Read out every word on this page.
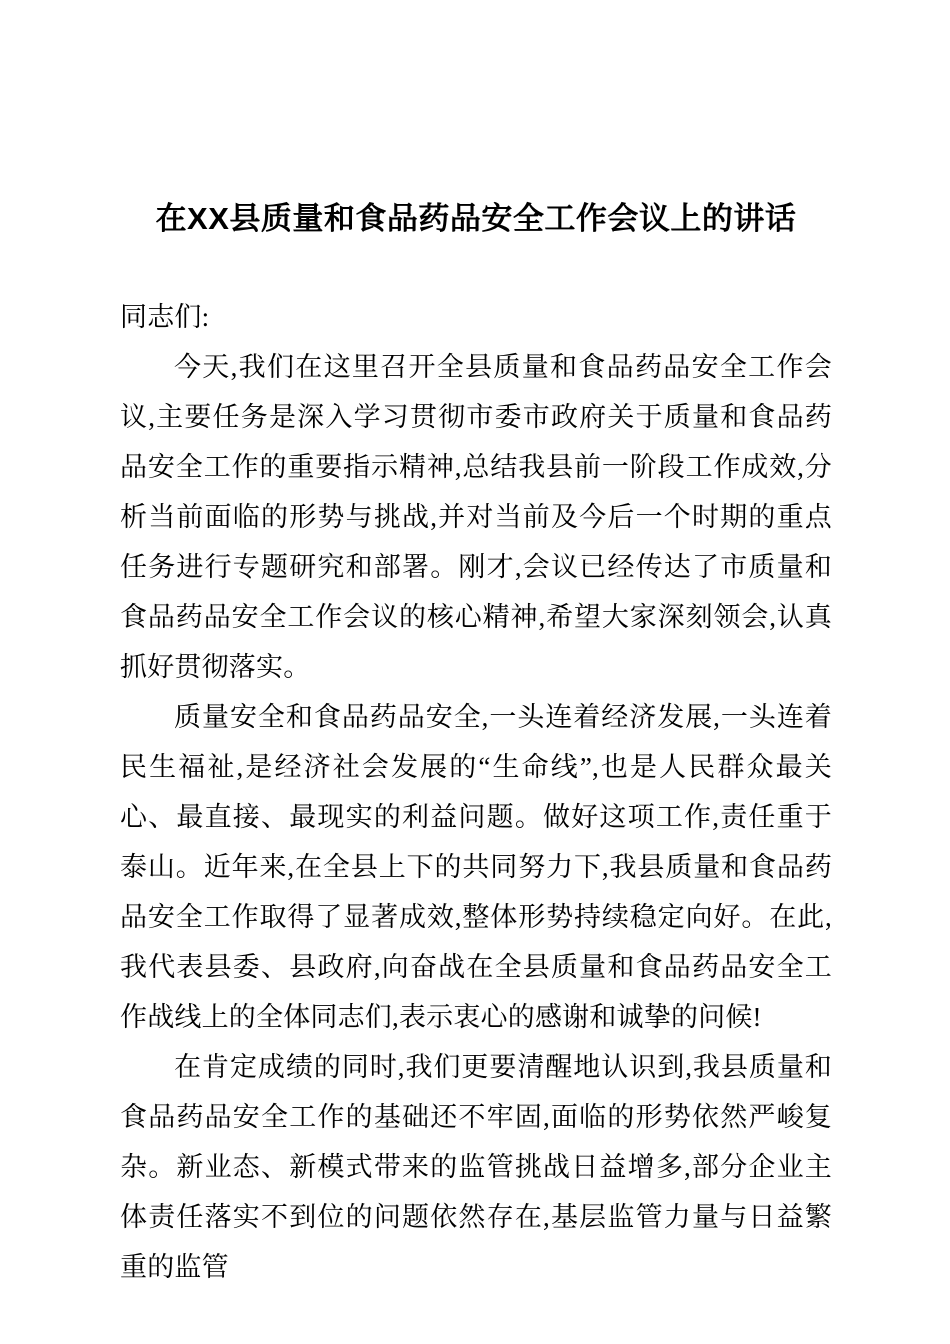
在XX县质量和食品药品安全工作会议上的讲话

同志们:

今天,我们在这里召开全县质量和食品药品安全工作会议,主要任务是深入学习贯彻市委市政府关于质量和食品药品安全工作的重要指示精神,总结我县前一阶段工作成效,分析当前面临的形势与挑战,并对当前及今后一个时期的重点任务进行专题研究和部署。刚才,会议已经传达了市质量和食品药品安全工作会议的核心精神,希望大家深刻领会,认真抓好贯彻落实。

质量安全和食品药品安全,一头连着经济发展,一头连着民生福祉,是经济社会发展的“生命线”,也是人民群众最关心、最直接、最现实的利益问题。做好这项工作,责任重于泰山。近年来,在全县上下的共同努力下,我县质量和食品药品安全工作取得了显著成效,整体形势持续稳定向好。在此,我代表县委、县政府,向奋战在全县质量和食品药品安全工作战线上的全体同志们,表示衷心的感谢和诚挚的问候!

在肯定成绩的同时,我们更要清醒地认识到,我县质量和食品药品安全工作的基础还不牢固,面临的形势依然严峻复杂。新业态、新模式带来的监管挑战日益增多,部分企业主体责任落实不到位的问题依然存在,基层监管力量与日益繁重的监管
